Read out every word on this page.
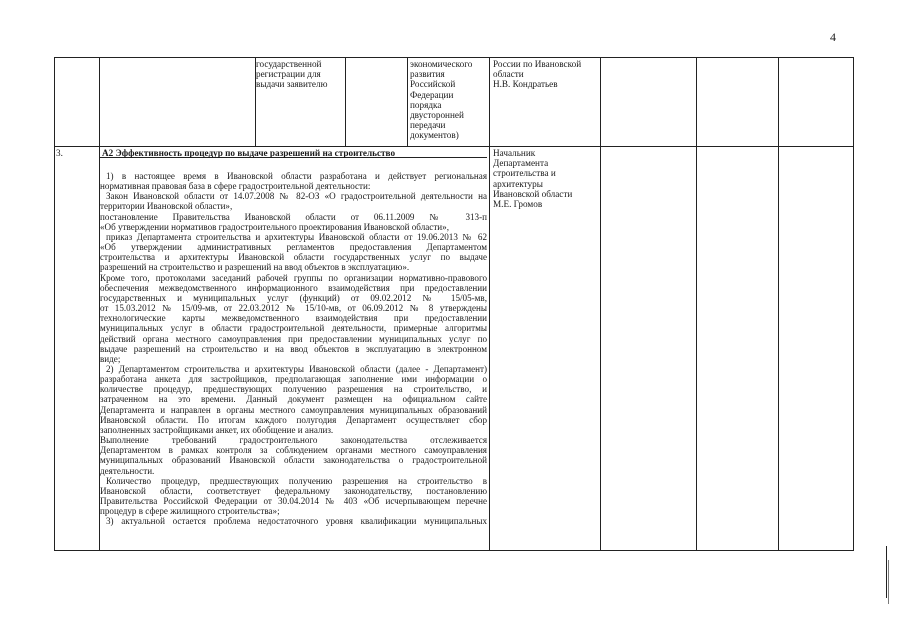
4
государственной
регистрации для
выдачи заявителю
экономического
развития
Российской
Федерации
порядка
двусторонней
передачи
документов)
России по Ивановской
области
Н.В. Кондратьев
3.	А2 Эффективность процедур по выдаче разрешений на строительство	Начальник
Департамента
строительства и
архитектуры
Ивановской области
М.Е. Громов
1) в настоящее время в Ивановской области разработана и действует региональная
нормативная правовая база в сфере градостроительной деятельности:
Закон Ивановской области от 14.07.2008 № 82-ОЗ «О градостроительной деятельности на
территории Ивановской области»,
постановление Правительства Ивановской области от 06.11.2009 № 313-п
«Об утверждении нормативов градостроительного проектирования Ивановской области»,
приказ Департамента строительства и архитектуры Ивановской области от 19.06.2013 № 62
«Об утверждении административных регламентов предоставления Департаментом
строительства и архитектуры Ивановской области государственных услуг по выдаче
разрешений на строительство и разрешений на ввод объектов в эксплуатацию».
Кроме того, протоколами заседаний рабочей группы по организации нормативно-правового
обеспечения межведомственного информационного взаимодействия при предоставлении
государственных и муниципальных услуг (функций) от 09.02.2012 № 15/05-мв,
от 15.03.2012 № 15/09-мв, от 22.03.2012 № 15/10-мв, от 06.09.2012 № 8 утверждены
технологические карты межведомственного взаимодействия при предоставлении
муниципальных услуг в области градостроительной деятельности, примерные алгоритмы
действий органа местного самоуправления при предоставлении муниципальных услуг по
выдаче разрешений на строительство и на ввод объектов в эксплуатацию в электронном
виде;
2) Департаментом строительства и архитектуры Ивановской области (далее - Департамент)
разработана анкета для застройщиков, предполагающая заполнение ими информации о
количестве процедур, предшествующих получению разрешения на строительство, и
затраченном на это времени. Данный документ размещен на официальном сайте
Департамента и направлен в органы местного самоуправления муниципальных образований
Ивановской области. По итогам каждого полугодия Департамент осуществляет сбор
заполненных застройщиками анкет, их обобщение и анализ.
Выполнение требований градостроительного законодательства отслеживается
Департаментом в рамках контроля за соблюдением органами местного самоуправления
муниципальных образований Ивановской области законодательства о градостроительной
деятельности.
Количество процедур, предшествующих получению разрешения на строительство в
Ивановской области, соответствует федеральному законодательству, постановлению
Правительства Российской Федерации от 30.04.2014 № 403 «Об исчерпывающем перечне
процедур в сфере жилищного строительства»;
3) актуальной остается проблема недостаточного уровня квалификации муниципальных
